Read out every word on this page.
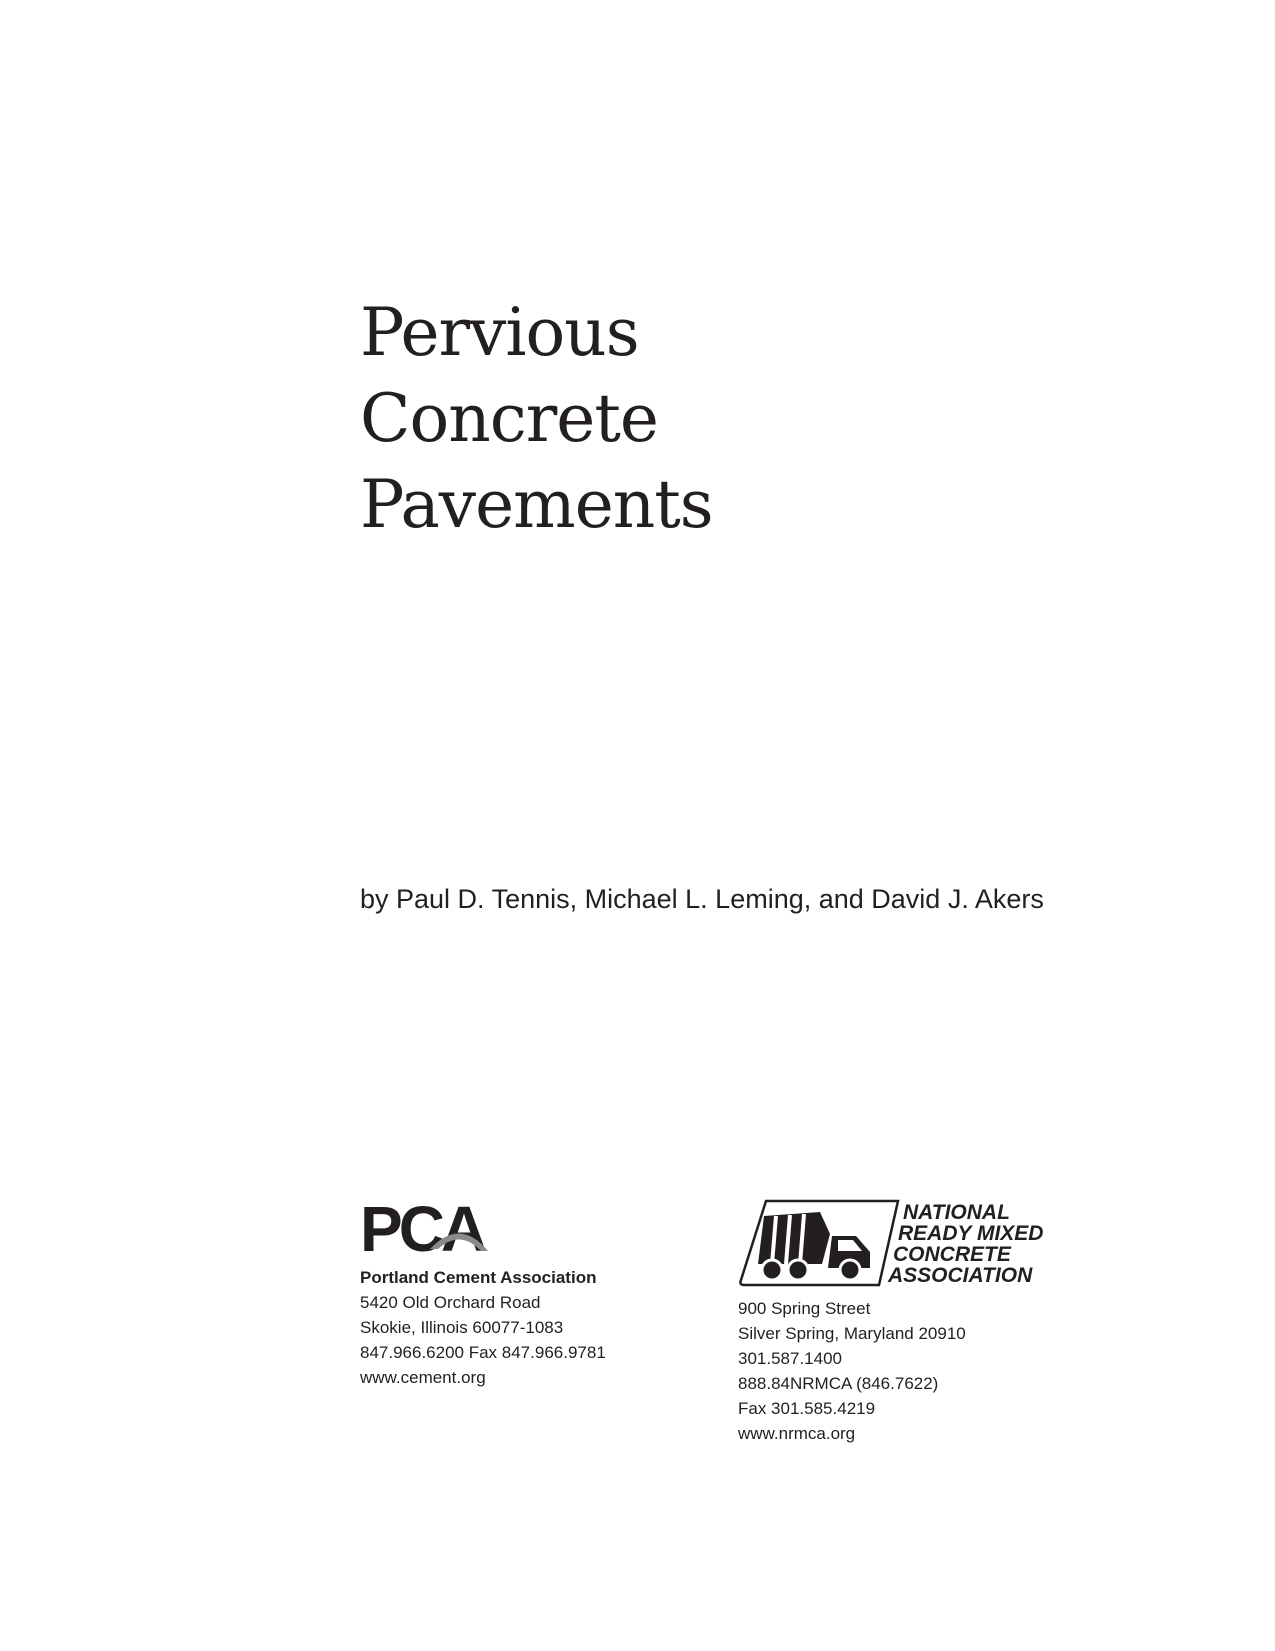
Pervious
Concrete
Pavements
by Paul D. Tennis, Michael L. Leming, and David J. Akers
PCA
Portland Cement Association
5420 Old Orchard Road
Skokie, Illinois 60077-1083
847.966.6200 Fax 847.966.9781
www.cement.org
NATIONAL
READY MIXED
CONCRETE
ASSOCIATION
900 Spring Street
Silver Spring, Maryland 20910
301.587.1400
888.84NRMCA (846.7622)
Fax 301.585.4219
www.nrmca.org
